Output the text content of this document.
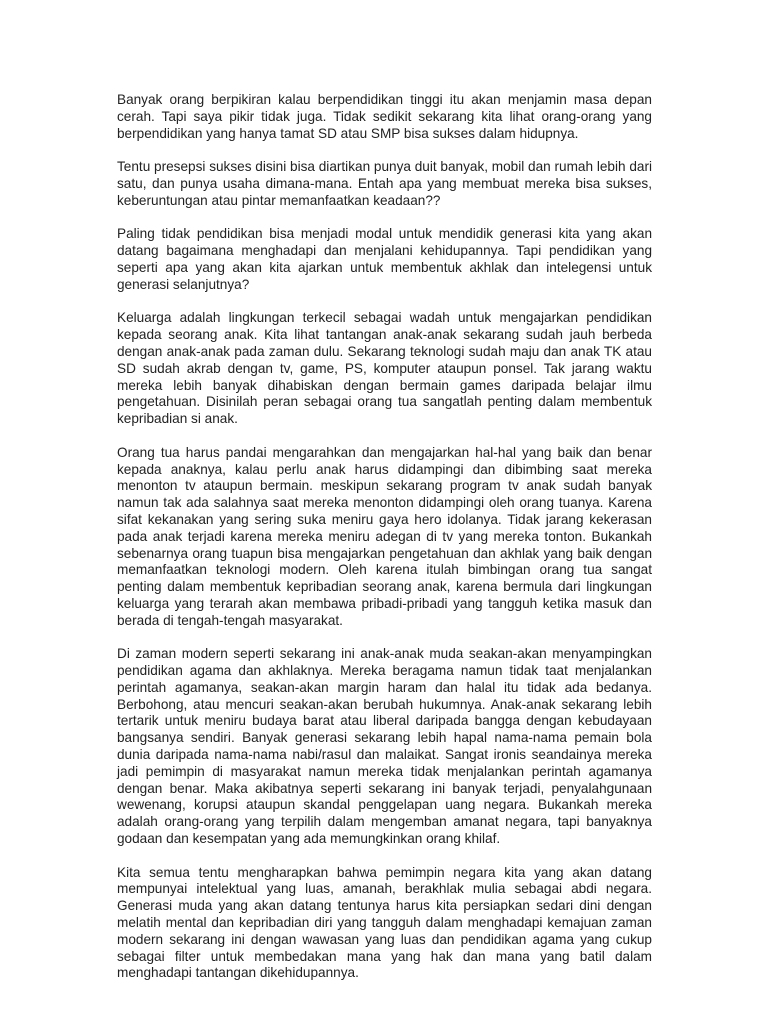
Banyak orang berpikiran kalau berpendidikan tinggi itu akan menjamin masa depan cerah. Tapi saya pikir tidak juga. Tidak sedikit sekarang kita lihat orang-orang yang berpendidikan yang hanya tamat SD atau SMP bisa sukses dalam hidupnya.

Tentu presepsi sukses disini bisa diartikan punya duit banyak, mobil dan rumah lebih dari satu, dan punya usaha dimana-mana. Entah apa yang membuat mereka bisa sukses, keberuntungan atau pintar memanfaatkan keadaan??

Paling tidak pendidikan bisa menjadi modal untuk mendidik generasi kita yang akan datang bagaimana menghadapi dan menjalani kehidupannya. Tapi pendidikan yang seperti apa yang akan kita ajarkan untuk membentuk akhlak dan intelegensi untuk generasi selanjutnya?

Keluarga adalah lingkungan terkecil sebagai wadah untuk mengajarkan pendidikan kepada seorang anak. Kita lihat tantangan anak-anak sekarang sudah jauh berbeda dengan anak-anak pada zaman dulu. Sekarang teknologi sudah maju dan anak TK atau SD sudah akrab dengan tv, game, PS, komputer ataupun ponsel. Tak jarang waktu mereka lebih banyak dihabiskan dengan bermain games daripada belajar ilmu pengetahuan. Disinilah peran sebagai orang tua sangatlah penting dalam membentuk kepribadian si anak.

Orang tua harus pandai mengarahkan dan mengajarkan hal-hal yang baik dan benar kepada anaknya, kalau perlu anak harus didampingi dan dibimbing saat mereka menonton tv ataupun bermain. meskipun sekarang program tv anak sudah banyak namun tak ada salahnya saat mereka menonton didampingi oleh orang tuanya. Karena sifat kekanakan yang sering suka meniru gaya hero idolanya. Tidak jarang kekerasan pada anak terjadi karena mereka meniru adegan di tv yang mereka tonton. Bukankah sebenarnya orang tuapun bisa mengajarkan pengetahuan dan akhlak yang baik dengan memanfaatkan teknologi modern. Oleh karena itulah bimbingan orang tua sangat penting dalam membentuk kepribadian seorang anak, karena bermula dari lingkungan keluarga yang terarah akan membawa pribadi-pribadi yang tangguh ketika masuk dan berada di tengah-tengah masyarakat.

Di zaman modern seperti sekarang ini anak-anak muda seakan-akan menyampingkan pendidikan agama dan akhlaknya. Mereka beragama namun tidak taat menjalankan perintah agamanya, seakan-akan margin haram dan halal itu tidak ada bedanya. Berbohong, atau mencuri seakan-akan berubah hukumnya. Anak-anak sekarang lebih tertarik untuk meniru budaya barat atau liberal daripada bangga dengan kebudayaan bangsanya sendiri. Banyak generasi sekarang lebih hapal nama-nama pemain bola dunia daripada nama-nama nabi/rasul dan malaikat. Sangat ironis seandainya mereka jadi pemimpin di masyarakat namun mereka tidak menjalankan perintah agamanya dengan benar. Maka akibatnya seperti sekarang ini banyak terjadi, penyalahgunaan wewenang, korupsi ataupun skandal penggelapan uang negara. Bukankah mereka adalah orang-orang yang terpilih dalam mengemban amanat negara, tapi banyaknya godaan dan kesempatan yang ada memungkinkan orang khilaf.

Kita semua tentu mengharapkan bahwa pemimpin negara kita yang akan datang mempunyai intelektual yang luas, amanah, berakhlak mulia sebagai abdi negara. Generasi muda yang akan datang tentunya harus kita persiapkan sedari dini dengan melatih mental dan kepribadian diri yang tangguh dalam menghadapi kemajuan zaman modern sekarang ini dengan wawasan yang luas dan pendidikan agama yang cukup sebagai filter untuk membedakan mana yang hak dan mana yang batil dalam menghadapi tantangan dikehidupannya.
